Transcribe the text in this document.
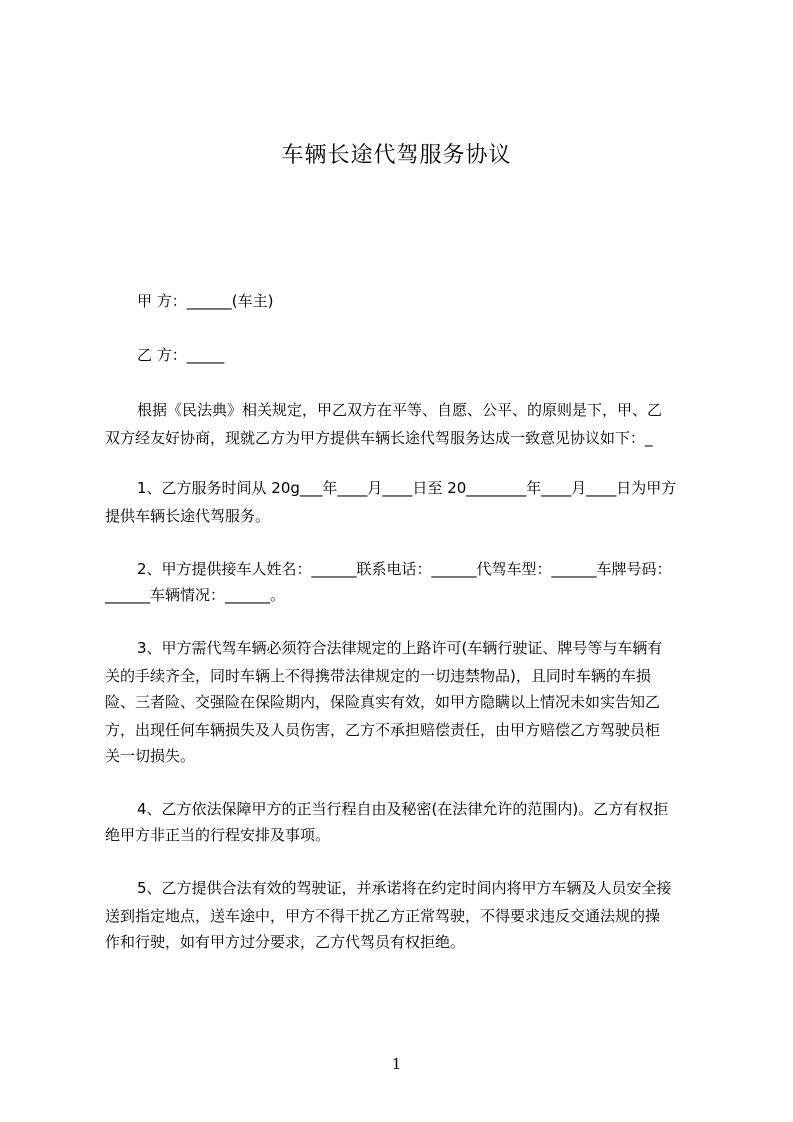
车辆长途代驾服务协议
甲 方：______(车主)
乙 方：_____
根据《民法典》相关规定，甲乙双方在平等、自愿、公平、的原则是下，甲、乙
双方经友好协商，现就乙方为甲方提供车辆长途代驾服务达成一致意见协议如下：_
1、乙方服务时间从 20g___年____月____日至 20________年____月____日为甲方
提供车辆长途代驾服务。
2、甲方提供接车人姓名：______联系电话：______代驾车型：______车牌号码：
______车辆情况：______。
3、甲方需代驾车辆必须符合法律规定的上路许可(车辆行驶证、牌号等与车辆有
关的手续齐全，同时车辆上不得携带法律规定的一切违禁物品)，且同时车辆的车损
险、三者险、交强险在保险期内，保险真实有效，如甲方隐瞒以上情况未如实告知乙
方，出现任何车辆损失及人员伤害，乙方不承担赔偿责任，由甲方赔偿乙方驾驶员柜
关一切损失。
4、乙方依法保障甲方的正当行程自由及秘密(在法律允许的范围内)。乙方有权拒
绝甲方非正当的行程安排及事项。
5、乙方提供合法有效的驾驶证，并承诺将在约定时间内将甲方车辆及人员安全接
送到指定地点，送车途中，甲方不得干扰乙方正常驾驶，不得要求违反交通法规的操
作和行驶，如有甲方过分要求，乙方代驾员有权拒绝。
1
